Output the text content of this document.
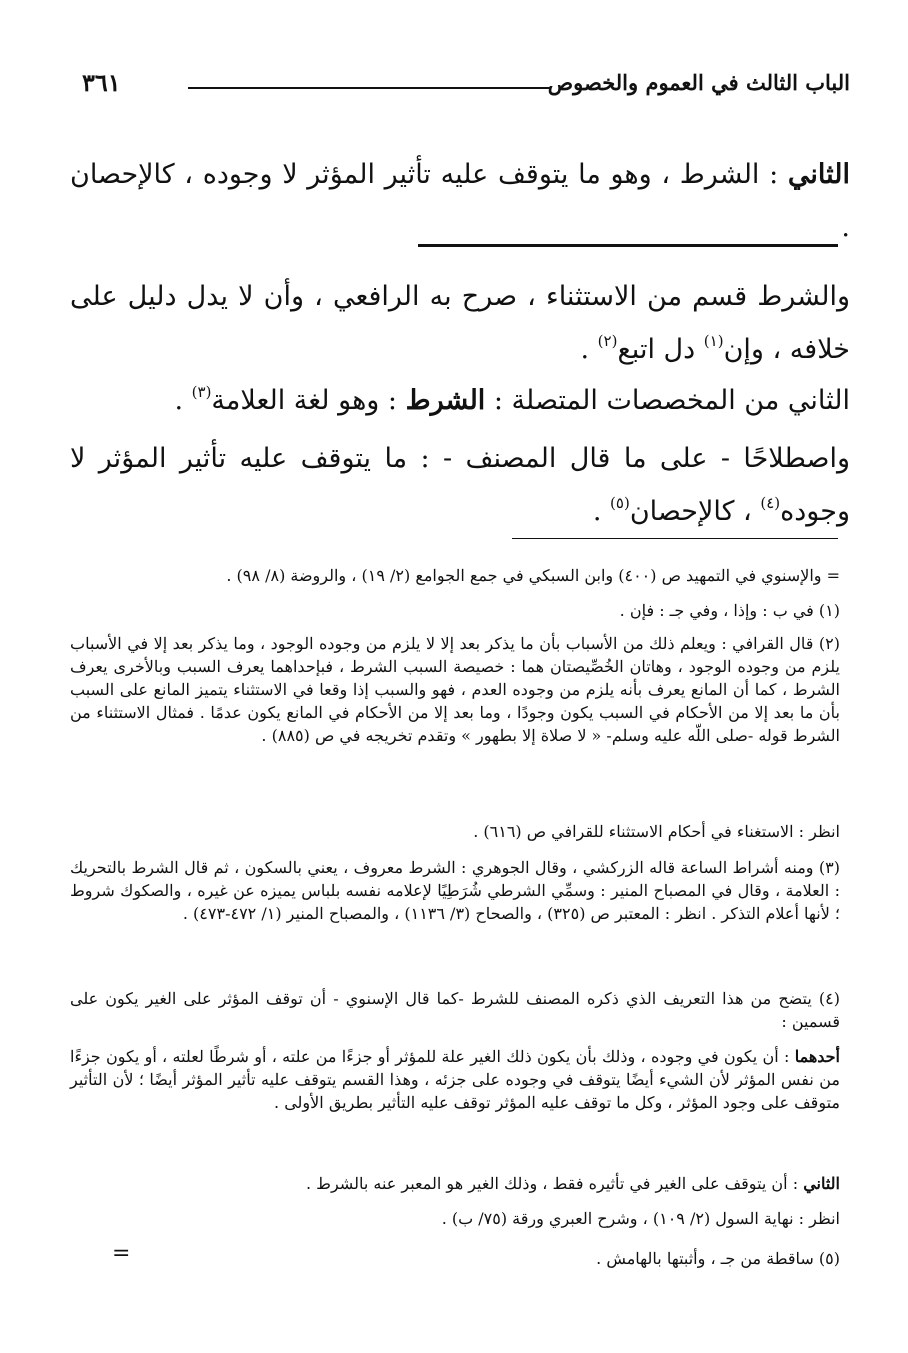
الباب الثالث في العموم والخصوص
٣٦١
الثاني : الشرط ، وهو ما يتوقف عليه تأثير المؤثر لا وجوده ، كالإحصان .
والشرط قسم من الاستثناء ، صرح به الرافعي ، وأن لا يدل دليل على خلافه ، وإن$^{(١)}$ دل اتبع$^{(٢)}$ .
الثاني من المخصصات المتصلة : الشرط : وهو لغة العلامة$^{(٣)}$ .
واصطلاحًا - على ما قال المصنف - : ما يتوقف عليه تأثير المؤثر لا وجوده$^{(٤)}$ ، كالإحصان$^{(٥)}$ .
= والإسنوي في التمهيد ص (٤٠٠) وابن السبكي في جمع الجوامع (٢/ ١٩) ، والروضة (٨/ ٩٨) .
(١) في ب : وإذا ، وفي جـ : فإن .
(٢) قال القرافي : ويعلم ذلك من الأسباب بأن ما يذكر بعد إلا لا يلزم من وجوده الوجود ، وما يذكر بعد إلا في الأسباب يلزم من وجوده الوجود ، وهاتان الخُصِّيصتان هما : خصيصة السبب الشرط ، فبإحداهما يعرف السبب وبالأخرى يعرف الشرط ، كما أن المانع يعرف بأنه يلزم من وجوده العدم ، فهو والسبب إذا وقعا في الاستثناء يتميز المانع على السبب بأن ما بعد إلا من الأحكام في السبب يكون وجودًا ، وما بعد إلا من الأحكام في المانع يكون عدمًا . فمثال الاستثناء من الشرط قوله -صلى اللّه عليه وسلم- « لا صلاة إلا بطهور » وتقدم تخريجه في ص (٨٨٥) .
انظر : الاستغناء في أحكام الاستثناء للقرافي ص (٦١٦) .
(٣) ومنه أشراط الساعة قاله الزركشي ، وقال الجوهري : الشرط معروف ، يعني بالسكون ، ثم قال الشرط بالتحريك : العلامة ، وقال في المصباح المنير : وسمِّي الشرطي شُرَطِيًا لإعلامه نفسه بلباس يميزه عن غيره ، والصكوك شروط ؛ لأنها أعلام التذكر . انظر : المعتبر ص (٣٢٥) ، والصحاح (٣/ ١١٣٦) ، والمصباح المنير (١/ ٤٧٢-٤٧٣) .
(٤) يتضح من هذا التعريف الذي ذكره المصنف للشرط -كما قال الإسنوي - أن توقف المؤثر على الغير يكون على قسمين :
أحدهما : أن يكون في وجوده ، وذلك بأن يكون ذلك الغير علة للمؤثر أو جزءًا من علته ، أو شرطًا لعلته ، أو يكون جزءًا من نفس المؤثر لأن الشيء أيضًا يتوقف في وجوده على جزئه ، وهذا القسم يتوقف عليه تأثير المؤثر أيضًا ؛ لأن التأثير متوقف على وجود المؤثر ، وكل ما توقف عليه المؤثر توقف عليه التأثير بطريق الأولى .
الثاني : أن يتوقف على الغير في تأثيره فقط ، وذلك الغير هو المعبر عنه بالشرط .
انظر : نهاية السول (٢/ ١٠٩) ، وشرح العبري ورقة (٧٥/ ب) .
=	(٥) ساقطة من جـ ، وأثبتها بالهامش .
